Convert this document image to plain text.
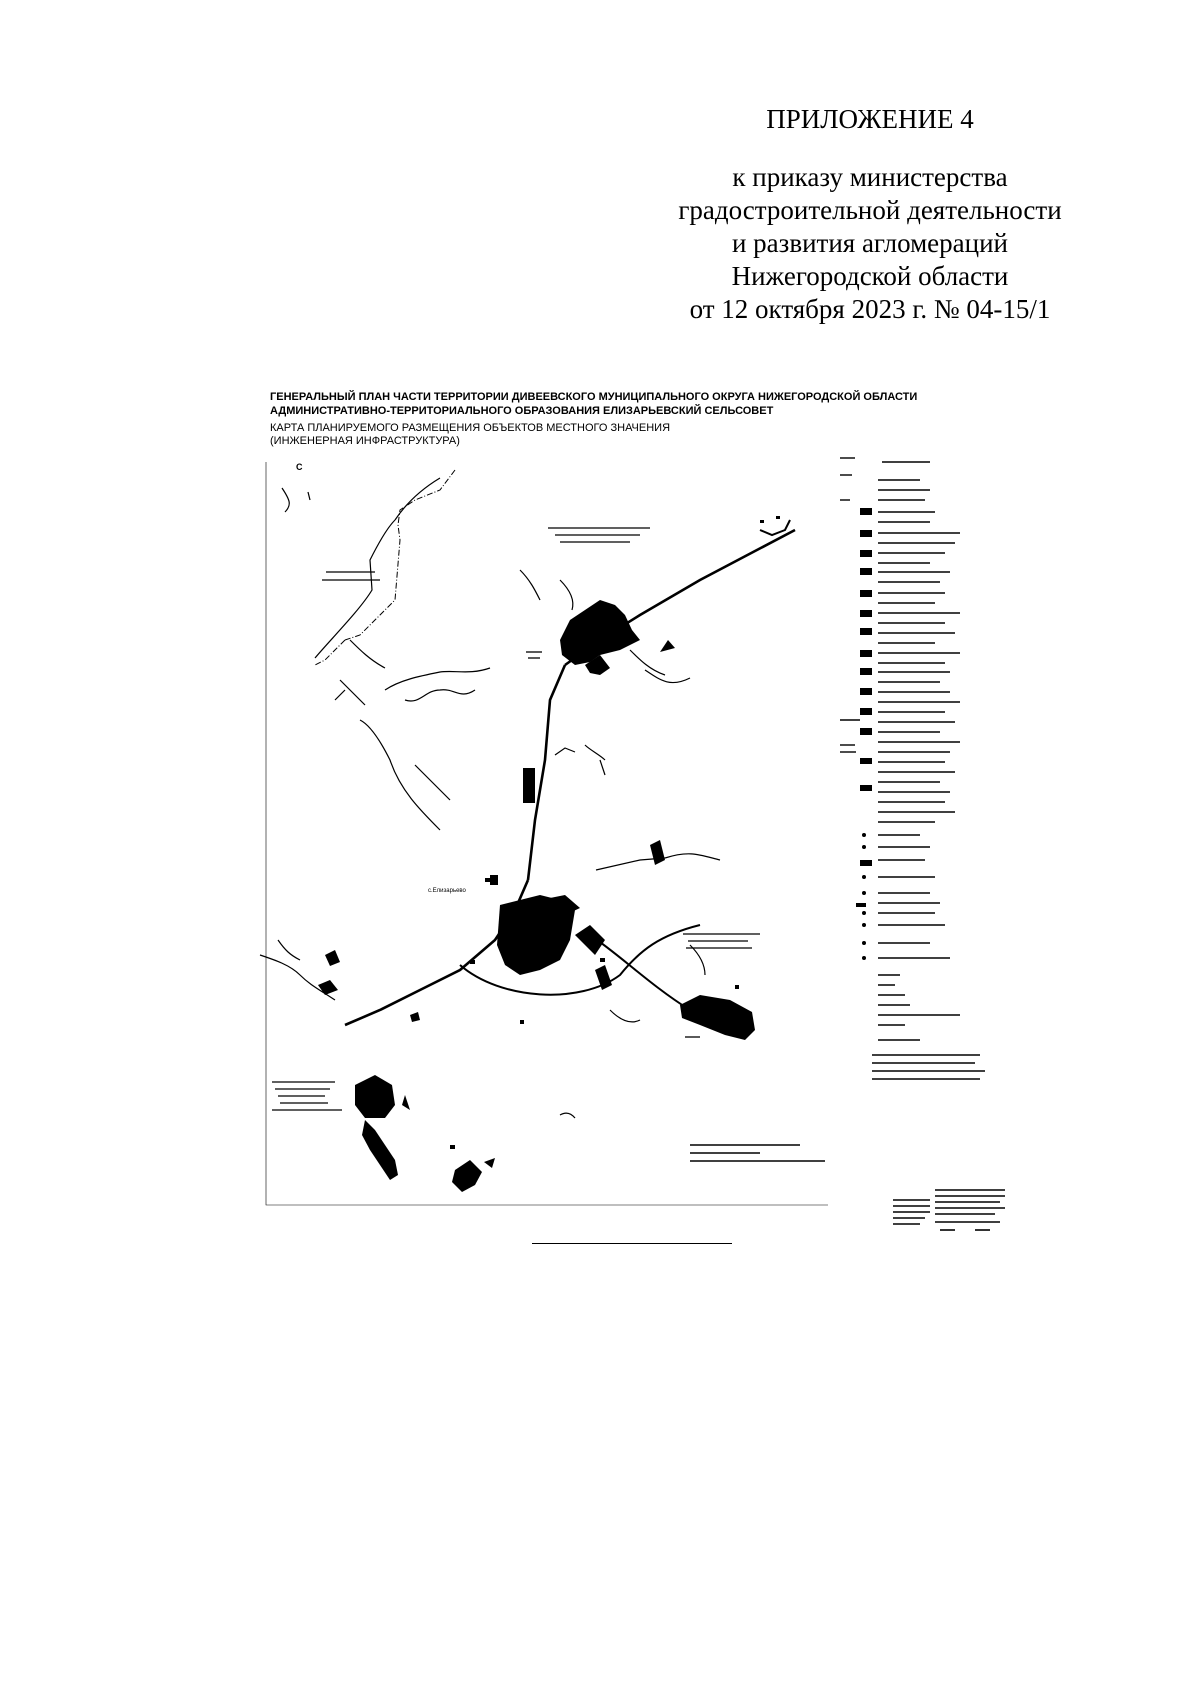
ПРИЛОЖЕНИЕ 4
к приказу министерства
градостроительной деятельности
и развития агломераций
Нижегородской области
от 12 октября 2023 г. № 04-15/1
ГЕНЕРАЛЬНЫЙ ПЛАН ЧАСТИ ТЕРРИТОРИИ ДИВЕЕВСКОГО МУНИЦИПАЛЬНОГО ОКРУГА НИЖЕГОРОДСКОЙ ОБЛАСТИ
АДМИНИСТРАТИВНО-ТЕРРИТОРИАЛЬНОГО ОБРАЗОВАНИЯ ЕЛИЗАРЬЕВСКИЙ СЕЛЬСОВЕТ
КАРТА ПЛАНИРУЕМОГО РАЗМЕЩЕНИЯ ОБЪЕКТОВ МЕСТНОГО ЗНАЧЕНИЯ
(ИНЖЕНЕРНАЯ ИНФРАСТРУКТУРА)
С
с.Елизарьево
